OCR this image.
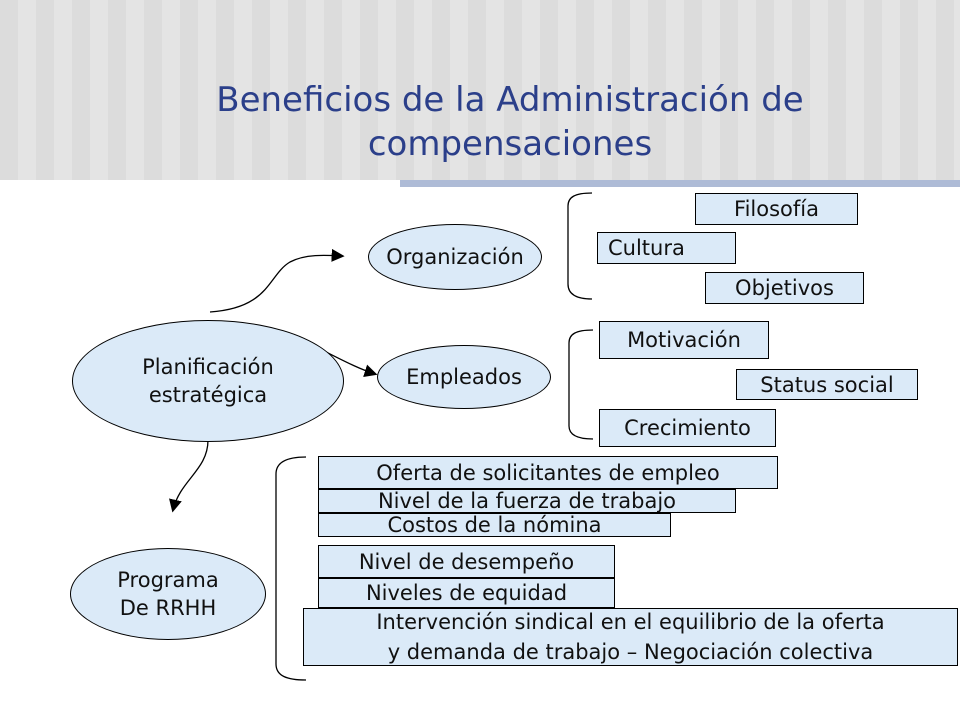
Beneficios de la Administración de
compensaciones
Planificación
estratégica
Organización
Empleados
Programa
De RRHH
Filosofía
Cultura
Objetivos
Motivación
Status social
Crecimiento
Oferta de solicitantes de empleo
Nivel de la fuerza de trabajo
Costos de la nómina
Nivel de desempeño
Niveles de equidad
Intervención sindical en el equilibrio de la oferta
y demanda de trabajo – Negociación colectiva
